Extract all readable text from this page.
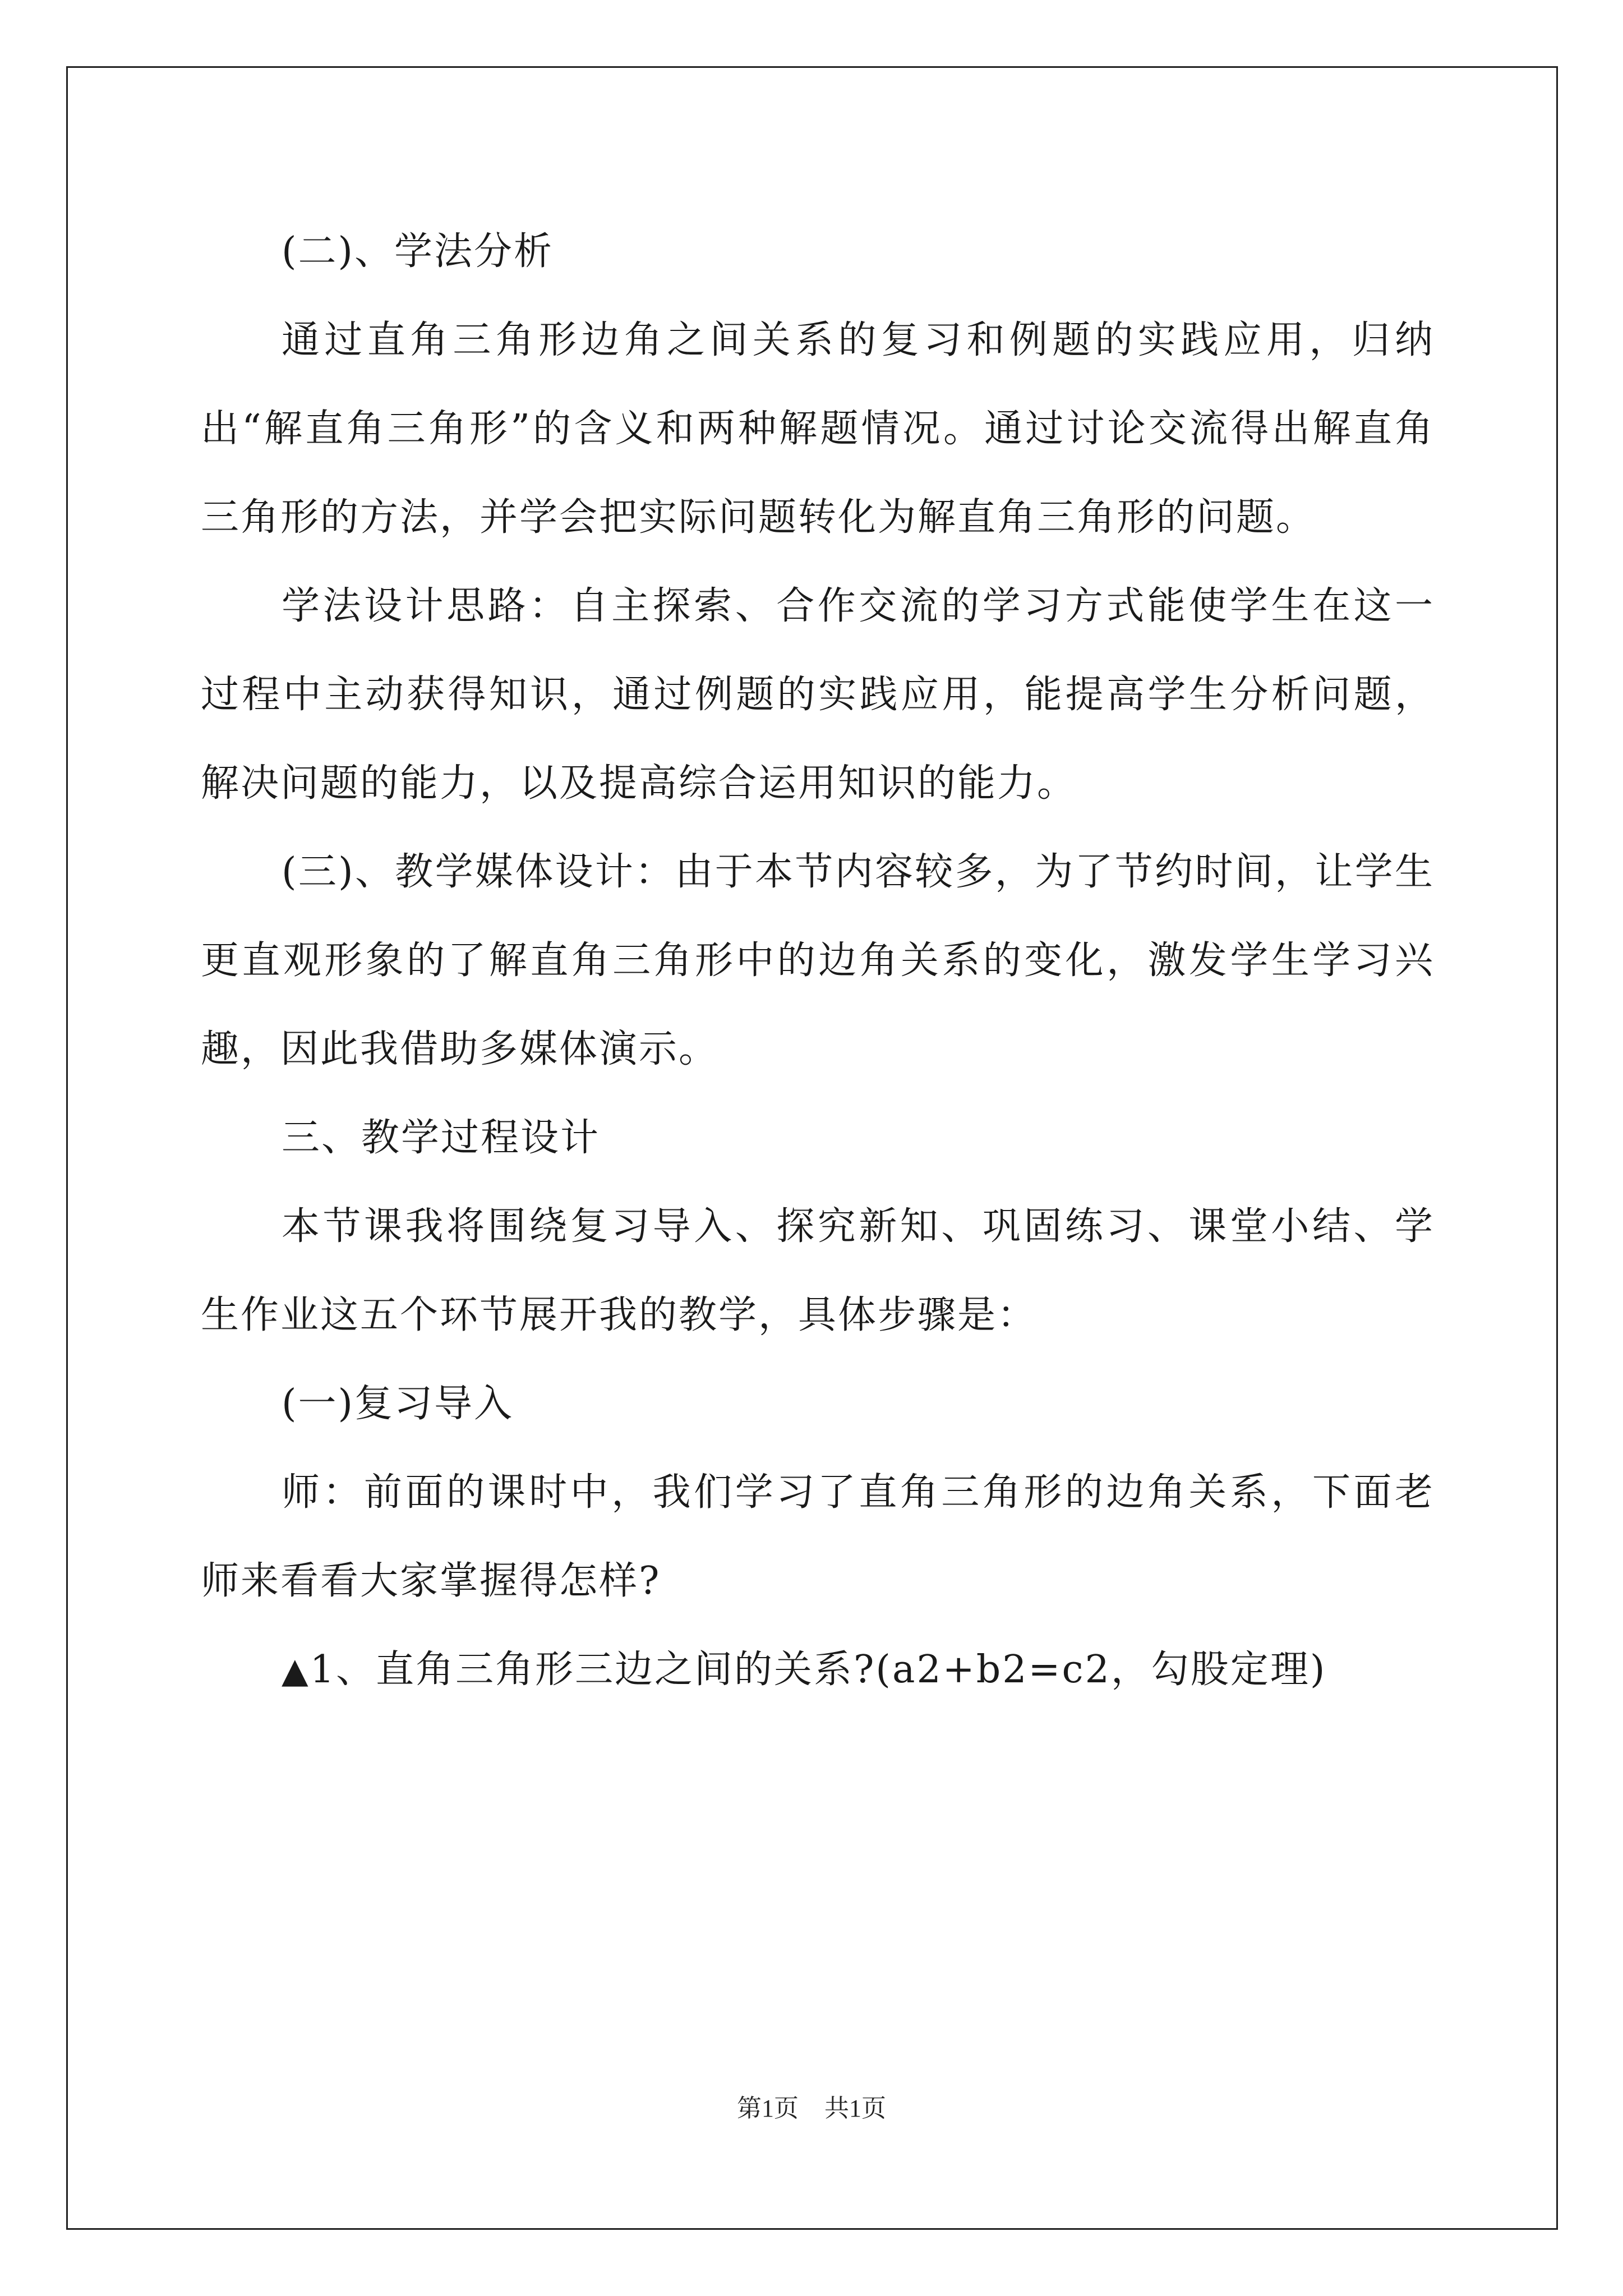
(二)、学法分析

通过直角三角形边角之间关系的复习和例题的实践应用，归纳出“解直角三角形”的含义和两种解题情况。通过讨论交流得出解直角三角形的方法，并学会把实际问题转化为解直角三角形的问题。

学法设计思路：自主探索、合作交流的学习方式能使学生在这一过程中主动获得知识，通过例题的实践应用，能提高学生分析问题，解决问题的能力，以及提高综合运用知识的能力。

(三)、教学媒体设计：由于本节内容较多，为了节约时间，让学生更直观形象的了解直角三角形中的边角关系的变化，激发学生学习兴趣，因此我借助多媒体演示。

三、教学过程设计

本节课我将围绕复习导入、探究新知、巩固练习、课堂小结、学生作业这五个环节展开我的教学，具体步骤是：

(一)复习导入

师：前面的课时中，我们学习了直角三角形的边角关系，下面老师来看看大家掌握得怎样?

▲1、直角三角形三边之间的关系?(a2+b2=c2，勾股定理)

第1页 共1页
